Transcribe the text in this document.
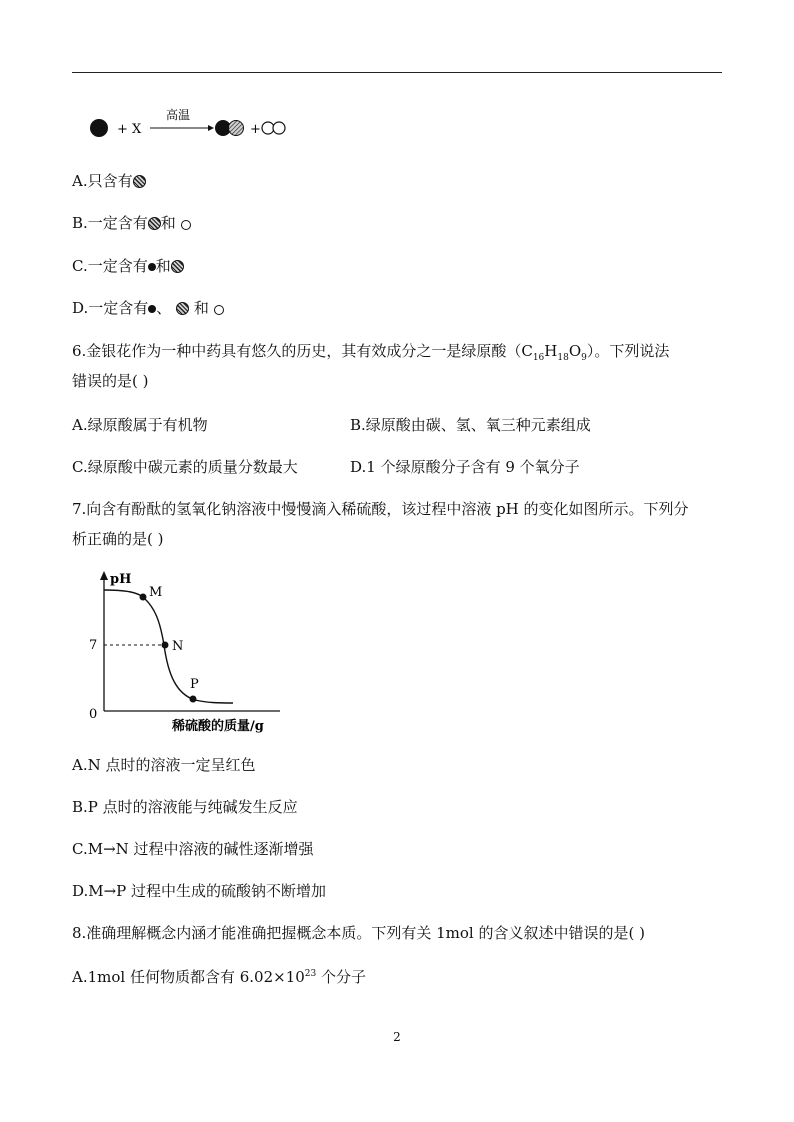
+ X
高温
+
A.只含有
B.一定含有 和
C.一定含有 和
D.一定含有 、 和
6.金银花作为一种中药具有悠久的历史，其有效成分之一是绿原酸$(C_{16}H_{18}O_9)$。下列说法
错误的是( )
A.绿原酸属于有机物	B.绿原酸由碳、氢、氧三种元素组成
C.绿原酸中碳元素的质量分数最大	D.1 个绿原酸分子含有 9 个氧分子
7.向含有酚酞的氢氧化钠溶液中慢慢滴入稀硫酸，该过程中溶液 pH 的变化如图所示。下列分
析正确的是( )
pH
0
7
M
N
P
稀硫酸的质量/g
A.N 点时的溶液一定呈红色
B.P 点时的溶液能与纯碱发生反应
C.M→N 过程中溶液的碱性逐渐增强
D.M→P 过程中生成的硫酸钠不断增加
8.准确理解概念内涵才能准确把握概念本质。下列有关 1mol 的含义叙述中错误的是( )
A.1mol 任何物质都含有 $6.02\times 10^{23}$ 个分子
2
